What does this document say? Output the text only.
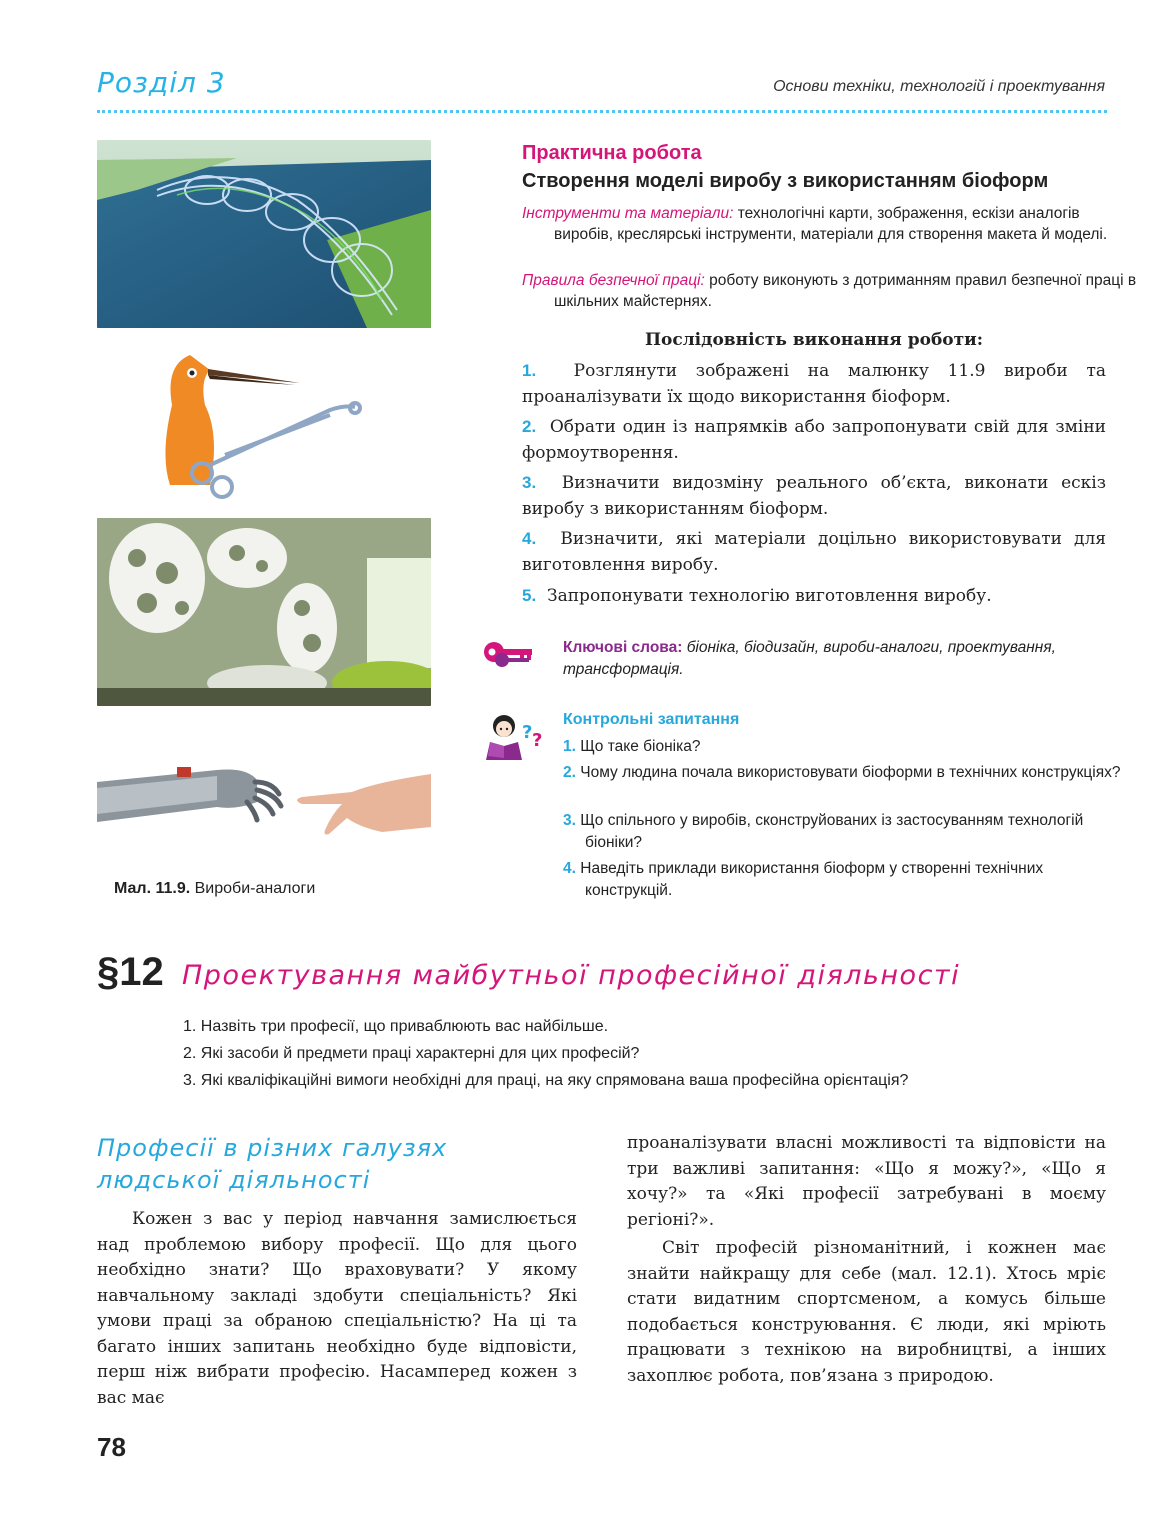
Розділ 3	Основи техніки, технологій і проектування
Мал. 11.9. Вироби-аналоги
Практична робота
Створення моделі виробу з використанням біоформ
Інструменти та матеріали: технологічні карти, зображення, ескізи аналогів виробів, креслярські інструменти, матеріали для створення макета й моделі.
Правила безпечної праці: роботу виконують з дотриманням правил безпечної праці в шкільних майстернях.
Послідовність виконання роботи:
1. Розглянути зображені на малюнку 11.9 вироби та проаналізувати їх щодо використання біоформ.
2. Обрати один із напрямків або запропонувати свій для зміни формоутворення.
3. Визначити видозміну реального об’єкта, виконати ескіз виробу з використанням біоформ.
4. Визначити, які матеріали доцільно використовувати для виготовлення виробу.
5. Запропонувати технологію виготовлення виробу.
Ключові слова: біоніка, біодизайн, вироби-аналоги, проектування, трансформація.
? ?
Контрольні запитання
1. Що таке біоніка?
2. Чому людина почала використовувати біоформи в технічних конструкціях?
3. Що спільного у виробів, сконструйованих із застосуванням технологій біоніки?
4. Наведіть приклади використання біоформ у створенні технічних конструкцій.
§12 Проектування майбутньої професійної діяльності
1. Назвіть три професії, що приваблюють вас найбільше.
2. Які засоби й предмети праці характерні для цих професій?
3. Які кваліфікаційні вимоги необхідні для праці, на яку спрямована ваша професійна орієнтація?
Професії в різних галузях людської діяльності
Кожен з вас у період навчання замислюється над проблемою вибору професії. Що для цього необхідно знати? Що враховувати? У якому навчальному закладі здобути спеціальність? Які умови праці за обраною спеціальністю? На ці та багато інших запитань необхідно буде відповісти, перш ніж вибрати професію. Насамперед кожен з вас має
проаналізувати власні можливості та відповісти на три важливі запитання: «Що я можу?», «Що я хочу?» та «Які професії затребувані в моєму регіоні?».
Світ професій різноманітний, і кожнен має знайти найкращу для себе (мал. 12.1). Хтось мріє стати видатним спортсменом, а комусь більше подобається конструювання. Є люди, які мріють працювати з технікою на виробництві, а інших захоплює робота, пов’язана з природою.
78
